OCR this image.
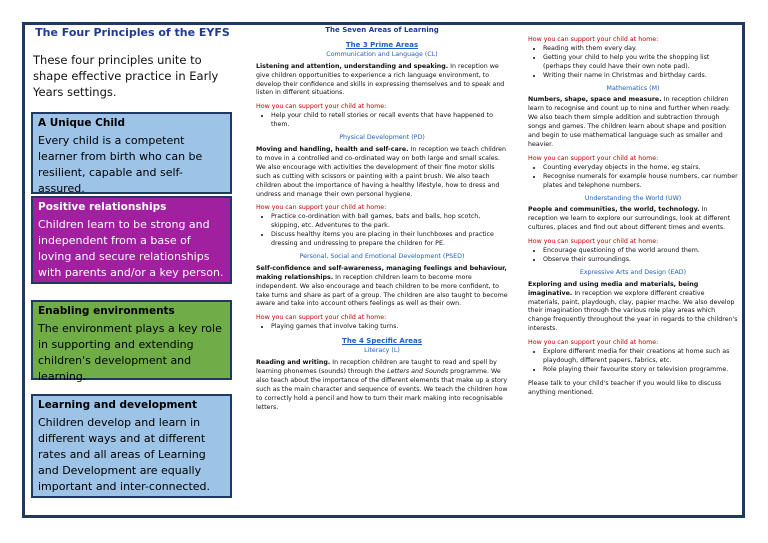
The Four Principles of the EYFS

These four principles unite to shape effective practice in Early Years settings.

A Unique Child

Every child is a competent learner from birth who can be resilient, capable and self-assured.

Positive relationships

Children learn to be strong and independent from a base of loving and secure relationships with parents and/or a key person.

Enabling environments

The environment plays a key role in supporting and extending children's development and learning.

Learning and development

Children develop and learn in different ways and at different rates and all areas of Learning and Development are equally important and inter-connected.

The Seven Areas of Learning
The 3 Prime Areas
Communication and Language (CL)

Listening and attention, understanding and speaking. In reception we give children opportunities to experience a rich language environment, to develop their confidence and skills in expressing themselves and to speak and listen in different situations.

How you can support your child at home:

• Help your child to retell stories or recall events that have happened to them.
Physical Development (PD)

Moving and handling, health and self-care. In reception we teach children to move in a controlled and co-ordinated way on both large and small scales. We also encourage with activities the development of their fine motor skills such as cutting with scissors or painting with a paint brush. We also teach children about the importance of having a healthy lifestyle, how to dress and undress and manage their own personal hygiene.

How you can support your child at home:

• Practice co-ordination with ball games, bats and balls, hop scotch, skipping, etc. Adventures to the park.
• Discuss healthy items you are placing in their lunchboxes and practice dressing and undressing to prepare the children for PE.
Personal, Social and Emotional Development (PSED)

Self-confidence and self-awareness, managing feelings and behaviour, making relationships. In reception children learn to become more independent. We also encourage and teach children to be more confident, to take turns and share as part of a group. The children are also taught to become aware and take into account others feelings as well as their own.

How you can support your child at home:

• Playing games that involve taking turns.
The 4 Specific Areas
Literacy (L)

Reading and writing. In reception children are taught to read and spell by learning phonemes (sounds) through the Letters and Sounds programme. We also teach about the importance of the different elements that make up a story such as the main character and sequence of events. We teach the children how to correctly hold a pencil and how to turn their mark making into recognisable letters.

How you can support your child at home:

• Reading with them every day.
• Getting your child to help you write the shopping list (perhaps they could have their own note pad).
• Writing their name in Christmas and birthday cards.
Mathematics (M)

Numbers, shape, space and measure. In reception children learn to recognise and count up to nine and further when ready. We also teach them simple addition and subtraction through songs and games. The children learn about shape and position and begin to use mathematical language such as smaller and heavier.

How you can support your child at home:

• Counting everyday objects in the home, eg stairs.
• Recognise numerals for example house numbers, car number plates and telephone numbers.
Understanding the World (UW)

People and communities, the world, technology. In reception we learn to explore our surroundings, look at different cultures, places and find out about different times and events.

How you can support your child at home:

• Encourage questioning of the world around them.
• Observe their surroundings.
Expressive Arts and Design (EAD)

Exploring and using media and materials, being imaginative. In reception we explore different creative materials, paint, playdough, clay, papier mache. We also develop their imagination through the various role play areas which change frequently throughout the year in regards to the children's interests.

How you can support your child at home:

• Explore different media for their creations at home such as playdough, different papers, fabrics, etc.
• Role playing their favourite story or television programme.

Please talk to your child's teacher if you would like to discuss anything mentioned.
